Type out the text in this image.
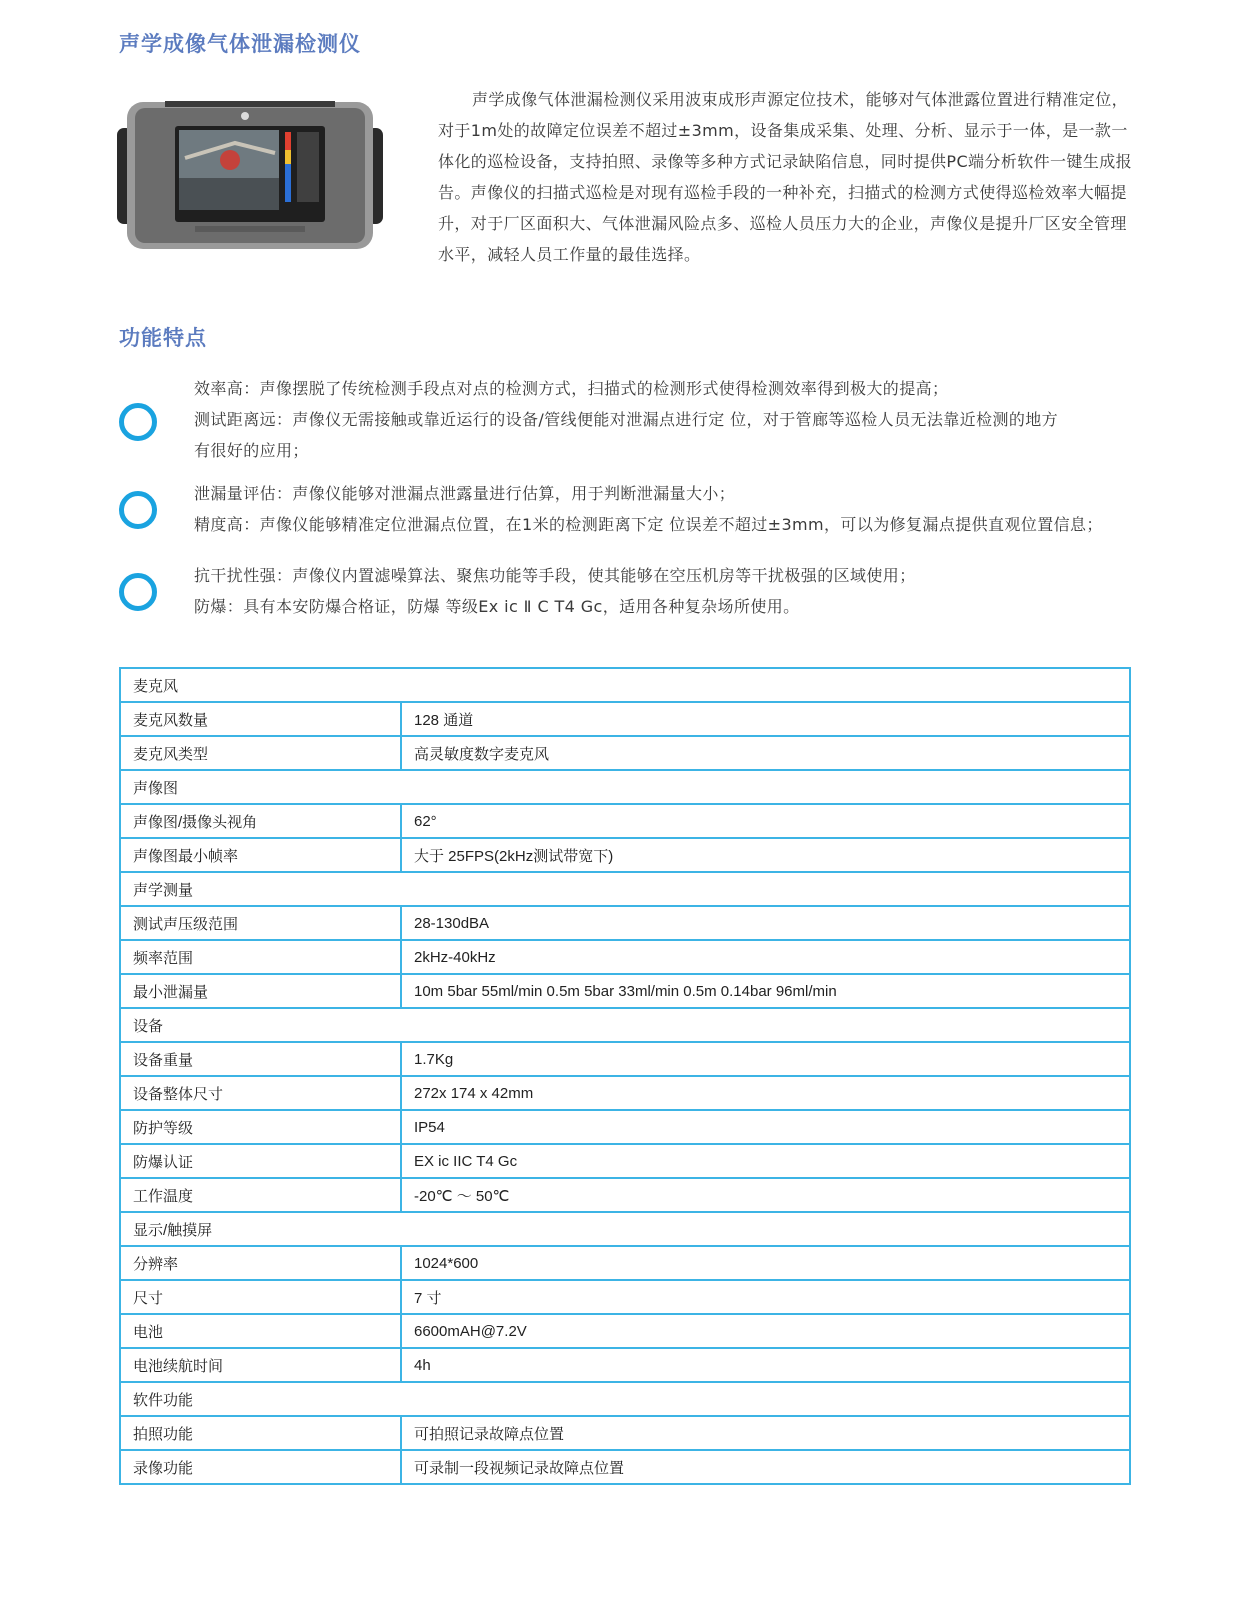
声学成像气体泄漏检测仪

声学成像气体泄漏检测仪采用波束成形声源定位技术，能够对气体泄露位置进行精准定位，对于1m处的故障定位误差不超过±3mm，设备集成采集、处理、分析、显示于一体，是一款一体化的巡检设备，支持拍照、录像等多种方式记录缺陷信息，同时提供PC端分析软件一键生成报告。声像仪的扫描式巡检是对现有巡检手段的一种补充，扫描式的检测方式使得巡检效率大幅提升，对于厂区面积大、气体泄漏风险点多、巡检人员压力大的企业，声像仪是提升厂区安全管理水平，减轻人员工作量的最佳选择。

功能特点

效率高：声像摆脱了传统检测手段点对点的检测方式，扫描式的检测形式使得检测效率得到极大的提高；

测试距离远：声像仪无需接触或靠近运行的设备/管线便能对泄漏点进行定 位，对于管廊等巡检人员无法靠近检测的地方

有很好的应用；

泄漏量评估：声像仪能够对泄漏点泄露量进行估算，用于判断泄漏量大小；

精度高：声像仪能够精准定位泄漏点位置，在1米的检测距离下定 位误差不超过±3mm，可以为修复漏点提供直观位置信息；

抗干扰性强：声像仪内置滤噪算法、聚焦功能等手段，使其能够在空压机房等干扰极强的区域使用；

防爆：具有本安防爆合格证，防爆 等级Ex ic Ⅱ C T4 Gc，适用各种复杂场所使用。

麦克风	
麦克风数量	128 通道
麦克风类型	高灵敏度数字麦克风
声像图	
声像图/摄像头视角	62°
声像图最小帧率	大于 25FPS(2kHz测试带宽下)
声学测量	
测试声压级范围	28-130dBA
频率范围	2kHz-40kHz
最小泄漏量	10m 5bar 55ml/min 0.5m 5bar 33ml/min 0.5m 0.14bar 96ml/min
设备	
设备重量	1.7Kg
设备整体尺寸	272x 174 x 42mm
防护等级	IP54
防爆认证	EX ic IIC T4 Gc
工作温度	-20℃ ～ 50℃
显示/触摸屏	
分辨率	1024*600
尺寸	7 寸
电池	6600mAH@7.2V
电池续航时间	4h
软件功能	
拍照功能	可拍照记录故障点位置
录像功能	可录制一段视频记录故障点位置
